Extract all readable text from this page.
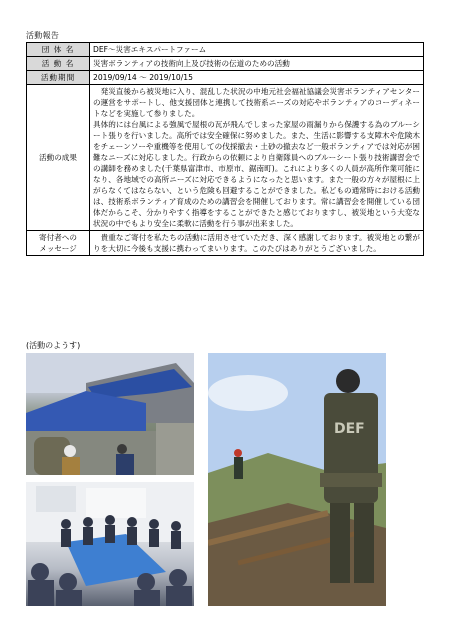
活動報告
団 体 名	DEF～災害エキスパートファーム
活 動 名	災害ボランティアの技術向上及び技術の伝道のための活動
活動期間	2019/09/14 ～ 2019/10/15
活動の成果	　発災直後から被災地に入り、混乱した状況の中地元社会福祉協議会災害ボランティアセンターの運営をサポートし、他支援団体と連携して技術系ニーズの対応やボランティアのコーディネートなどを実施して参りました。

具体的には台風による強風で屋根の瓦が飛んでしまった家屋の雨漏りから保護する為のブルーシート張りを行いました。高所では安全確保に努めました。また、生活に影響する支障木や危険木をチェーンソーや重機等を使用しての伐採撤去・土砂の撤去など一般ボランティアでは対応が困難なニーズに対応しました。行政からの依頼により自衛隊員へのブルーシート張り技術講習会での講師を務めました(千葉県富津市、市原市、鋸南町)。これにより多くの人員が高所作業可能になり、各地域での高所ニーズに対応できるようになったと思います。また一般の方々が屋根に上がらなくてはならない、という危険も回避することができました。私どもの通常時における活動は、技術系ボランティア育成のための講習会を開催しております。常に講習会を開催している団体だからこそ、分かりやすく指導をすることができたと感じておりますし、被災地という大変な状況の中でもより安全に柔軟に活動を行う事が出来ました。

寄付者への
メッセージ	　貴重なご寄付を私たちの活動に活用させていただき、深く感謝しております。被災地との繋がりを大切に今後も支援に携わってまいります。このたびはありがとうございました。
(活動のようす)
DEF
